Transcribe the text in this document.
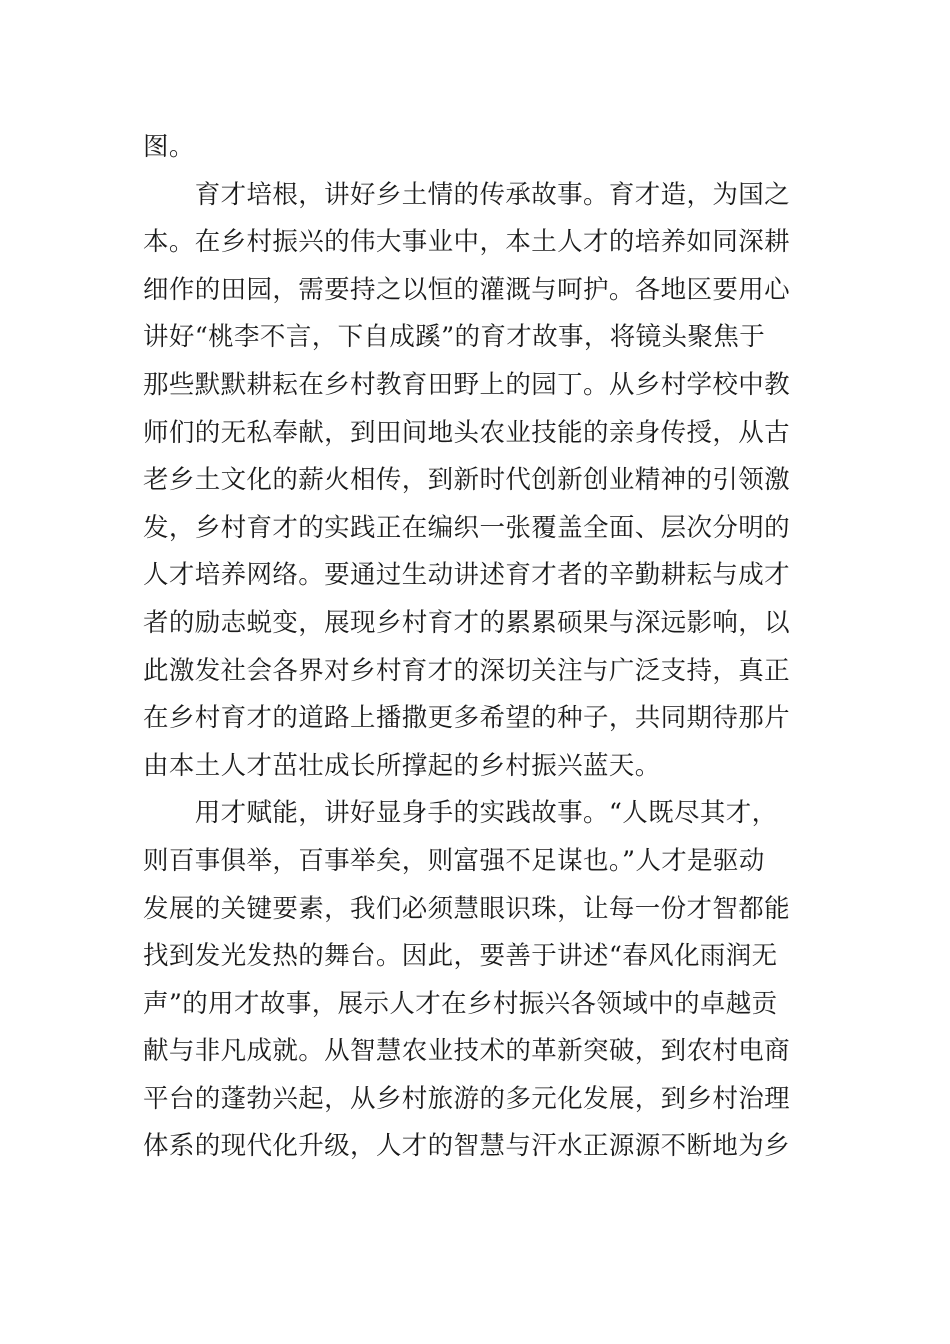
图。
　　育才培根，讲好乡土情的传承故事。育才造，为国之
本。在乡村振兴的伟大事业中，本土人才的培养如同深耕
细作的田园，需要持之以恒的灌溉与呵护。各地区要用心
讲好“桃李不言，下自成蹊”的育才故事，将镜头聚焦于
那些默默耕耘在乡村教育田野上的园丁。从乡村学校中教
师们的无私奉献，到田间地头农业技能的亲身传授，从古
老乡土文化的薪火相传，到新时代创新创业精神的引领激
发，乡村育才的实践正在编织一张覆盖全面、层次分明的
人才培养网络。要通过生动讲述育才者的辛勤耕耘与成才
者的励志蜕变，展现乡村育才的累累硕果与深远影响，以
此激发社会各界对乡村育才的深切关注与广泛支持，真正
在乡村育才的道路上播撒更多希望的种子，共同期待那片
由本土人才茁壮成长所撑起的乡村振兴蓝天。
　　用才赋能，讲好显身手的实践故事。“人既尽其才，
则百事俱举，百事举矣，则富强不足谋也。”人才是驱动
发展的关键要素，我们必须慧眼识珠，让每一份才智都能
找到发光发热的舞台。因此，要善于讲述“春风化雨润无
声”的用才故事，展示人才在乡村振兴各领域中的卓越贡
献与非凡成就。从智慧农业技术的革新突破，到农村电商
平台的蓬勃兴起，从乡村旅游的多元化发展，到乡村治理
体系的现代化升级，人才的智慧与汗水正源源不断地为乡
